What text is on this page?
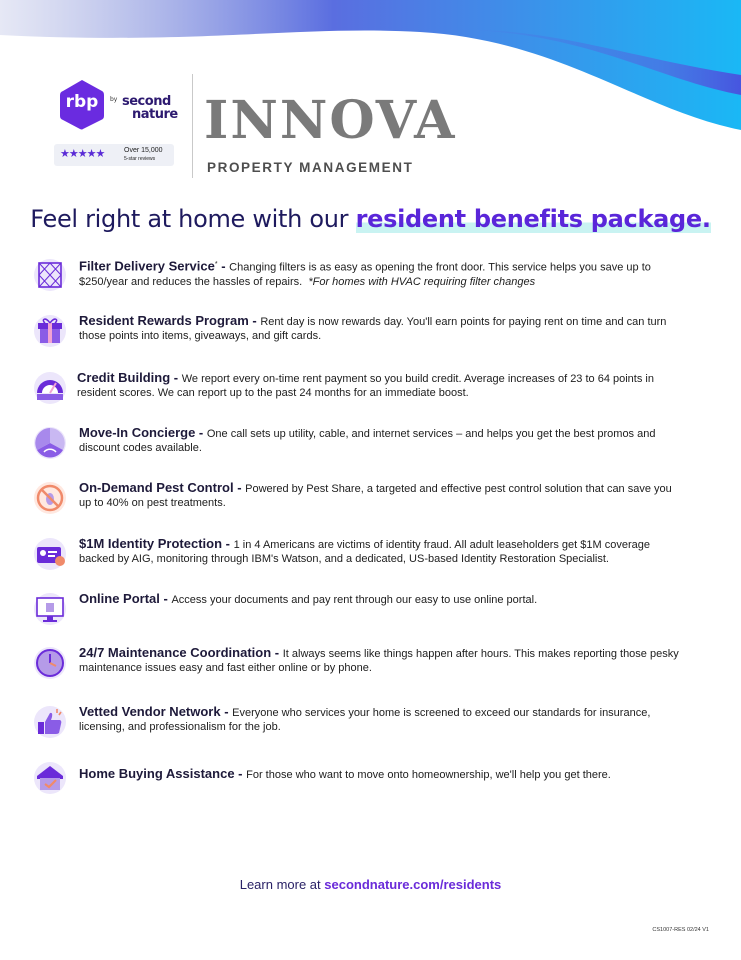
rbp	by second
nature
★★★★★	Over 15,000
5-star reviews
INNOVA
PROPERTY MANAGEMENT
Feel right at home with our resident benefits package.
Filter Delivery Service* - Changing filters is as easy as opening the front door. This service helps you save up to $250/year and reduces the hassles of repairs. *For homes with HVAC requiring filter changes
Resident Rewards Program - Rent day is now rewards day. You'll earn points for paying rent on time and can turn those points into items, giveaways, and gift cards.
Credit Building - We report every on-time rent payment so you build credit. Average increases of 23 to 64 points in resident scores. We can report up to the past 24 months for an immediate boost.
Move-In Concierge - One call sets up utility, cable, and internet services – and helps you get the best promos and discount codes available.
On-Demand Pest Control - Powered by Pest Share, a targeted and effective pest control solution that can save you up to 40% on pest treatments.
$1M Identity Protection - 1 in 4 Americans are victims of identity fraud. All adult leaseholders get $1M coverage backed by AIG, monitoring through IBM's Watson, and a dedicated, US-based Identity Restoration Specialist.
Online Portal - Access your documents and pay rent through our easy to use online portal.
24/7 Maintenance Coordination - It always seems like things happen after hours. This makes reporting those pesky maintenance issues easy and fast either online or by phone.
Vetted Vendor Network - Everyone who services your home is screened to exceed our standards for insurance, licensing, and professionalism for the job.
Home Buying Assistance - For those who want to move onto homeownership, we'll help you get there.
Learn more at secondnature.com/residents
CS1007-RES 02/24 V1
